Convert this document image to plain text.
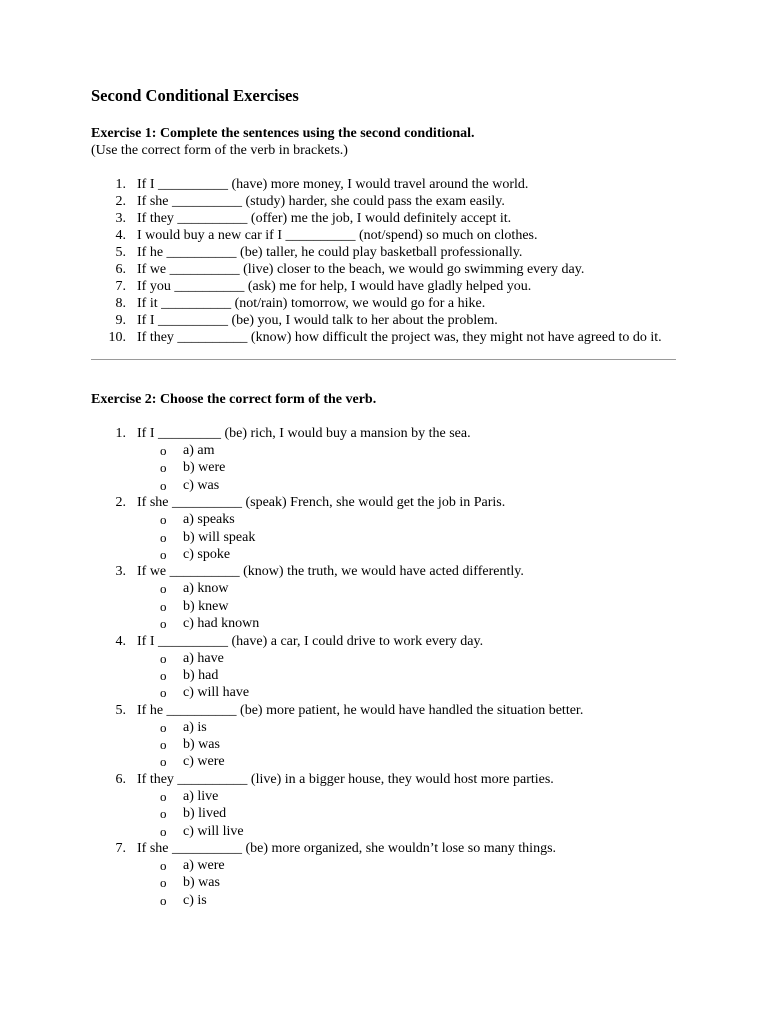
Second Conditional Exercises

Exercise 1: Complete the sentences using the second conditional.

(Use the correct form of the verb in brackets.)

1. If I __________ (have) more money, I would travel around the world.
2. If she __________ (study) harder, she could pass the exam easily.
3. If they __________ (offer) me the job, I would definitely accept it.
4. I would buy a new car if I __________ (not/spend) so much on clothes.
5. If he __________ (be) taller, he could play basketball professionally.
6. If we __________ (live) closer to the beach, we would go swimming every day.
7. If you __________ (ask) me for help, I would have gladly helped you.
8. If it __________ (not/rain) tomorrow, we would go for a hike.
9. If I __________ (be) you, I would talk to her about the problem.
10. If they __________ (know) how difficult the project was, they might not have agreed to do it.

Exercise 2: Choose the correct form of the verb.

1. If I _________ (be) rich, I would buy a mansion by the sea.
o a) am
o b) were
o c) was
2. If she __________ (speak) French, she would get the job in Paris.
o a) speaks
o b) will speak
o c) spoke
3. If we __________ (know) the truth, we would have acted differently.
o a) know
o b) knew
o c) had known
4. If I __________ (have) a car, I could drive to work every day.
o a) have
o b) had
o c) will have
5. If he __________ (be) more patient, he would have handled the situation better.
o a) is
o b) was
o c) were
6. If they __________ (live) in a bigger house, they would host more parties.
o a) live
o b) lived
o c) will live
7. If she __________ (be) more organized, she wouldn’t lose so many things.
o a) were
o b) was
o c) is
